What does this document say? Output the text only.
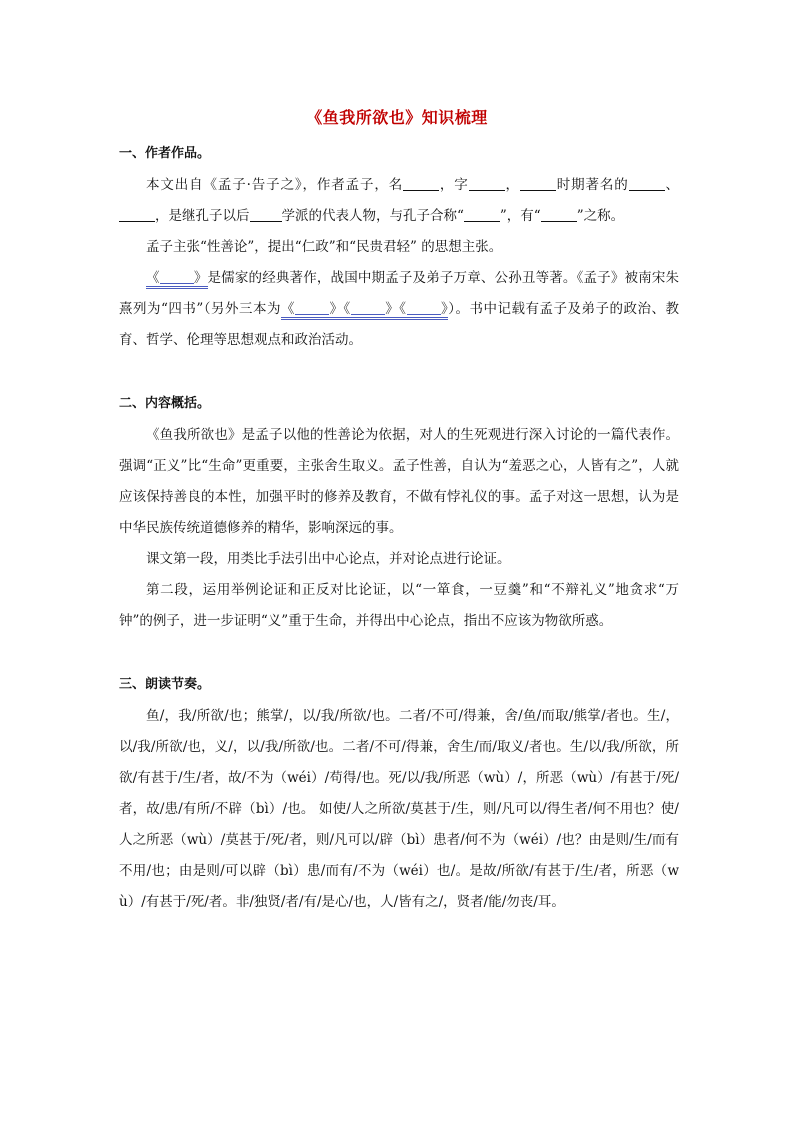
《鱼我所欲也》知识梳理

一、作者作品。

本文出自《孟子·告子之》，作者孟子，名	，字	，	时期著名的	、，是继孔子以后 学派的代表人物，与孔子合称“	”，有“	”之称。

孟子主张“性善论”，提出“仁政”和“民贵君轻” 的思想主张。

《	》是儒家的经典著作，战国中期孟子及弟子万章、公孙丑等著。《孟子》被南宋朱熹列为“四书”（另外三本为《	》《	》《	》）。书中记载有孟子及弟子的政治、教育、哲学、伦理等思想观点和政治活动。

二、内容概括。

《鱼我所欲也》是孟子以他的性善论为依据，对人的生死观进行深入讨论的一篇代表作。强调“正义”比“生命”更重要，主张舍生取义。孟子性善，自认为“羞恶之心，人皆有之”，人就应该保持善良的本性，加强平时的修养及教育，不做有悖礼仪的事。孟子对这一思想，认为是中华民族传统道德修养的精华，影响深远的事。

课文第一段，用类比手法引出中心论点，并对论点进行论证。

第二段，运用举例论证和正反对比论证，以“一箪食，一豆羹”和“不辩礼义”地贪求“万钟”的例子，进一步证明“义”重于生命，并得出中心论点，指出不应该为物欲所惑。

三、朗读节奏。

鱼/，我/所欲/也；熊掌/，以/我/所欲/也。二者/不可/得兼，舍/鱼/而取/熊掌/者也。生/，以/我/所欲/也，义/，以/我/所欲/也。二者/不可/得兼，舍生/而/取义/者也。生/以/我/所欲，所欲/有甚于/生/者，故/不为（wéi）/苟得/也。死/以/我/所恶（wù）/，所恶（wù）/有甚于/死/者，故/患/有所/不辟（bì）/也。 如使/人之所欲/莫甚于/生，则/凡可以/得生者/何不用也？使/人之所恶（wù）/莫甚于/死/者，则/凡可以/辟（bì）患者/何不为（wéi）/也？由是则/生/而有不用/也；由是则/可以辟（bì）患/而有/不为（wéi）也/。是故/所欲/有甚于/生/者，所恶（wù）/有甚于/死/者。非/独贤/者/有/是心/也，人/皆有之/，贤者/能/勿丧/耳。
